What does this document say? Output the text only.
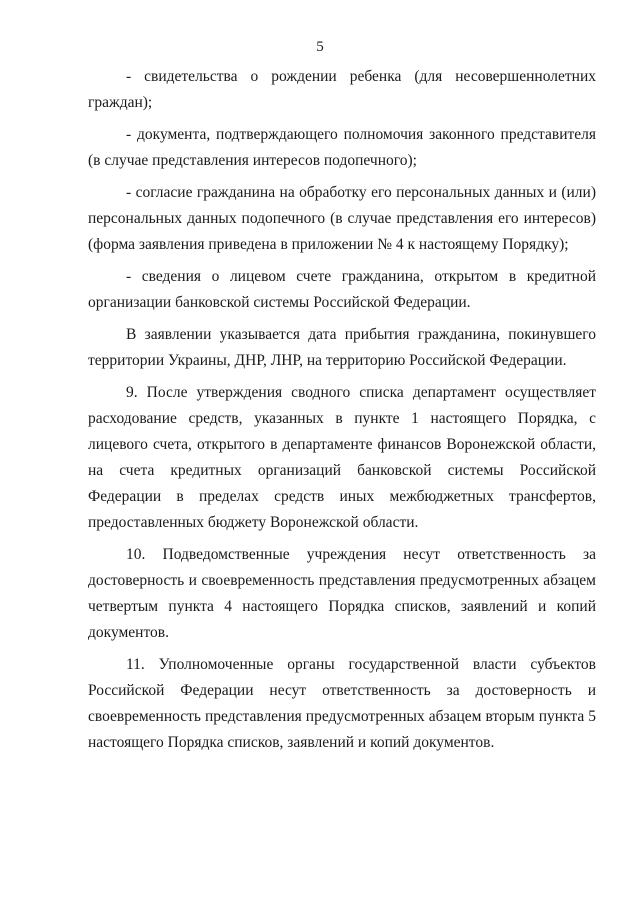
5

- свидетельства о рождении ребенка (для несовершеннолетних граждан);

- документа, подтверждающего полномочия законного представителя (в случае представления интересов подопечного);

- согласие гражданина на обработку его персональных данных и (или) персональных данных подопечного (в случае представления его интересов) (форма заявления приведена в приложении № 4 к настоящему Порядку);

- сведения о лицевом счете гражданина, открытом в кредитной организации банковской системы Российской Федерации.

В заявлении указывается дата прибытия гражданина, покинувшего территории Украины, ДНР, ЛНР, на территорию Российской Федерации.

9. После утверждения сводного списка департамент осуществляет расходование средств, указанных в пункте 1 настоящего Порядка, с лицевого счета, открытого в департаменте финансов Воронежской области, на счета кредитных организаций банковской системы Российской Федерации в пределах средств иных межбюджетных трансфертов, предоставленных бюджету Воронежской области.

10. Подведомственные учреждения несут ответственность за достоверность и своевременность представления предусмотренных абзацем четвертым пункта 4 настоящего Порядка списков, заявлений и копий документов.

11. Уполномоченные органы государственной власти субъектов Российской Федерации несут ответственность за достоверность и своевременность представления предусмотренных абзацем вторым пункта 5 настоящего Порядка списков, заявлений и копий документов.
